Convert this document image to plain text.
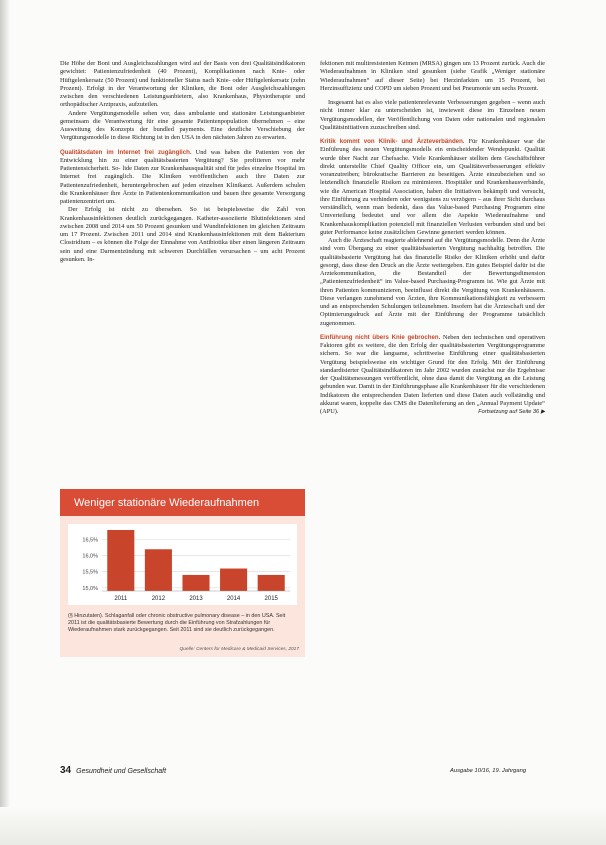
Die Höhe der Boni und Ausgleichszahlungen wird auf der Basis von drei Qualitätsindikatoren gewichtet: Patientenzufriedenheit (40 Prozent), Komplikationen nach Knie- oder Hüftgelenkersatz (50 Prozent) und funktioneller Status nach Knie- oder Hüftgelenkersatz (zehn Prozent). Erfolgt in der Verantwortung der Kliniken, die Boni oder Ausgleichszahlungen zwischen den verschiedenen Leistungsanbietern, also Krankenhaus, Physiotherapie und orthopädischer Arztpraxis, aufzuteilen.

Andere Vergütungsmodelle sehen vor, dass ambulante und stationäre Leistungsanbieter gemeinsam die Verantwortung für eine gesamte Patientenpopulation übernehmen – eine Ausweitung des Konzepts der bundled payments. Eine deutliche Verschiebung der Vergütungsmodelle in diese Richtung ist in den USA in den nächsten Jahren zu erwarten.

Qualitätsdaten im Internet frei zugänglich. Und was haben die Patienten von der Entwicklung hin zu einer qualitätsbasierten Vergütung? Sie profitieren vor mehr Patientensicherheit. So- lide Daten zur Krankenhausqualität sind für jedes einzelne Hospital im Internet frei zugänglich. Die Kliniken veröffentlichen auch ihre Daten zur Patientenzufriedenheit, heruntergebrochen auf jeden einzelnen Klinikarzt. Außerdem schulen die Krankenhäuser ihre Ärzte in Patientenkommunikation und bauen ihre gesamte Versorgung patientenzentriert um.

Der Erfolg ist nicht zu übersehen. So ist beispielsweise die Zahl von Krankenhausinfektionen deutlich zurückgegangen. Katheter-assoziierte Blutinfektionen sind zwischen 2008 und 2014 um 50 Prozent gesunken und Wundinfektionen im gleichen Zeitraum um 17 Prozent. Zwischen 2011 und 2014 sind Krankenhausinfektionen mit dem Bakterium Clostridium – es können die Folge der Einnahme von Antibiotika über einen längeren Zeitraum sein und eine Darmentzündung mit schweren Durchfällen verursachen – um acht Prozent gesunken. In-

Weniger stationäre Wiederaufnahmen
16,5%
16,0%
15,5%
15,0%
2011	2012	2013	2014	2015
(§ Hinzutaten). Schlaganfall oder chronic obstructive pulmonary disease – in den USA. Seit 2011 ist die qualitätsbasierte Bewertung durch die Einführung von Strafzahlungen für Wiederaufnahmen stark zurückgegangen. Seit 2011 sind sie deutlich zurückgegangen.
Quelle: Centers for Medicare & Medicaid Services, 2017

fektionen mit multiresistenten Keimen (MRSA) gingen um 13 Prozent zurück. Auch die Wiederaufnahmen in Kliniken sind gesunken (siehe Grafik „Weniger stationäre Wiederaufnahmen“ auf dieser Seite) bei Herzinfarkten um 15 Prozent, bei Herzinsuffizienz und COPD um sieben Prozent und bei Pneumonie um sechs Prozent.

Insgesamt hat es also viele patientenrelevante Verbesserungen gegeben – wenn auch nicht immer klar zu unterscheiden ist, inwieweit diese im Einzelnen neuen Vergütungsmodellen, der Veröffentlichung von Daten oder nationalen und regionalen Qualitätsinitiativen zuzuschreiben sind.

Kritik kommt von Klinik- und Ärzteverbänden. Für Krankenhäuser war die Einführung des neuen Vergütungsmodells ein entscheidender Wendepunkt. Qualität wurde über Nacht zur Chefsache. Viele Krankenhäuser stellten dem Geschäftsführer direkt unterstellte Chief Quality Officer ein, um Qualitätsverbesserungen effektiv voranzutreiben; bürokratische Barrieren zu beseitigen. Ärzte einzubeziehen und so letztendlich finanzielle Risiken zu minimieren. Hospitäler und Krankenhausverbände, wie die American Hospital Association, haben die Initiativen bekämpft und versucht, ihre Einführung zu verhindern oder wenigstens zu verzögern – aus ihrer Sicht durchaus verständlich, wenn man bedenkt, dass das Value-based Purchasing Programm eine Umverteilung bedeutet und vor allem die Aspekte Wiederaufnahme und Krankenhauskomplikation potenziell mit finanziellen Verlusten verbunden sind und bei guter Performance keine zusätzlichen Gewinne generiert werden können.

Auch die Ärzteschaft reagierte ablehnend auf die Vergütungsmodelle. Denn die Ärzte sind vom Übergang zu einer qualitätsbasierten Vergütung nachhaltig betroffen. Die qualitätsbasierte Vergütung hat das finanzielle Risiko der Kliniken erhöht und dafür gesorgt, dass diese den Druck an die Ärzte weitergeben. Ein gutes Beispiel dafür ist die Arztekommunikation, die Bestandteil der Bewertungsdimension „Patientenzufriedenheit“ im Value-based Purchasing-Programm ist. Wie gut Ärzte mit ihren Patienten kommunizieren, beeinflusst direkt die Vergütung von Krankenhäusern. Diese verlangen zunehmend von Ärzten, ihre Kommunikationsfähigkeit zu verbessern und an entsprechenden Schulungen teilzunehmen. Insofern hat die Ärzteschaft und der Optimierungsdruck auf Ärzte mit der Einführung der Programme tatsächlich zugenommen.

Einführung nicht übers Knie gebrochen. Neben den technischen und operativen Faktoren gibt es weitere, die den Erfolg der qualitätsbasierten Vergütungsprogramme sichern. So war die langsame, schrittweise Einführung einer qualitätsbasierten Vergütung beispielsweise ein wichtiger Grund für den Erfolg. Mit der Einführung standardisierter Qualitätsindikatoren im Jahr 2002 wurden zunächst nur die Ergebnisse der Qualitätsmessungen veröffentlicht, ohne dass damit die Vergütung an die Leistung gebunden war. Damit in der Einführungsphase alle Krankenhäuser für die verschiedenen Indikatoren die entsprechenden Daten lieferten und diese Daten auch vollständig und akkurat waren, koppelte das CMS die Datenlieferung an den „Annual Payment Update“ (APU).	Fortsetzung auf Seite 36 ▶

34 Gesundheit und Gesellschaft	Ausgabe 10/16, 19. Jahrgang
